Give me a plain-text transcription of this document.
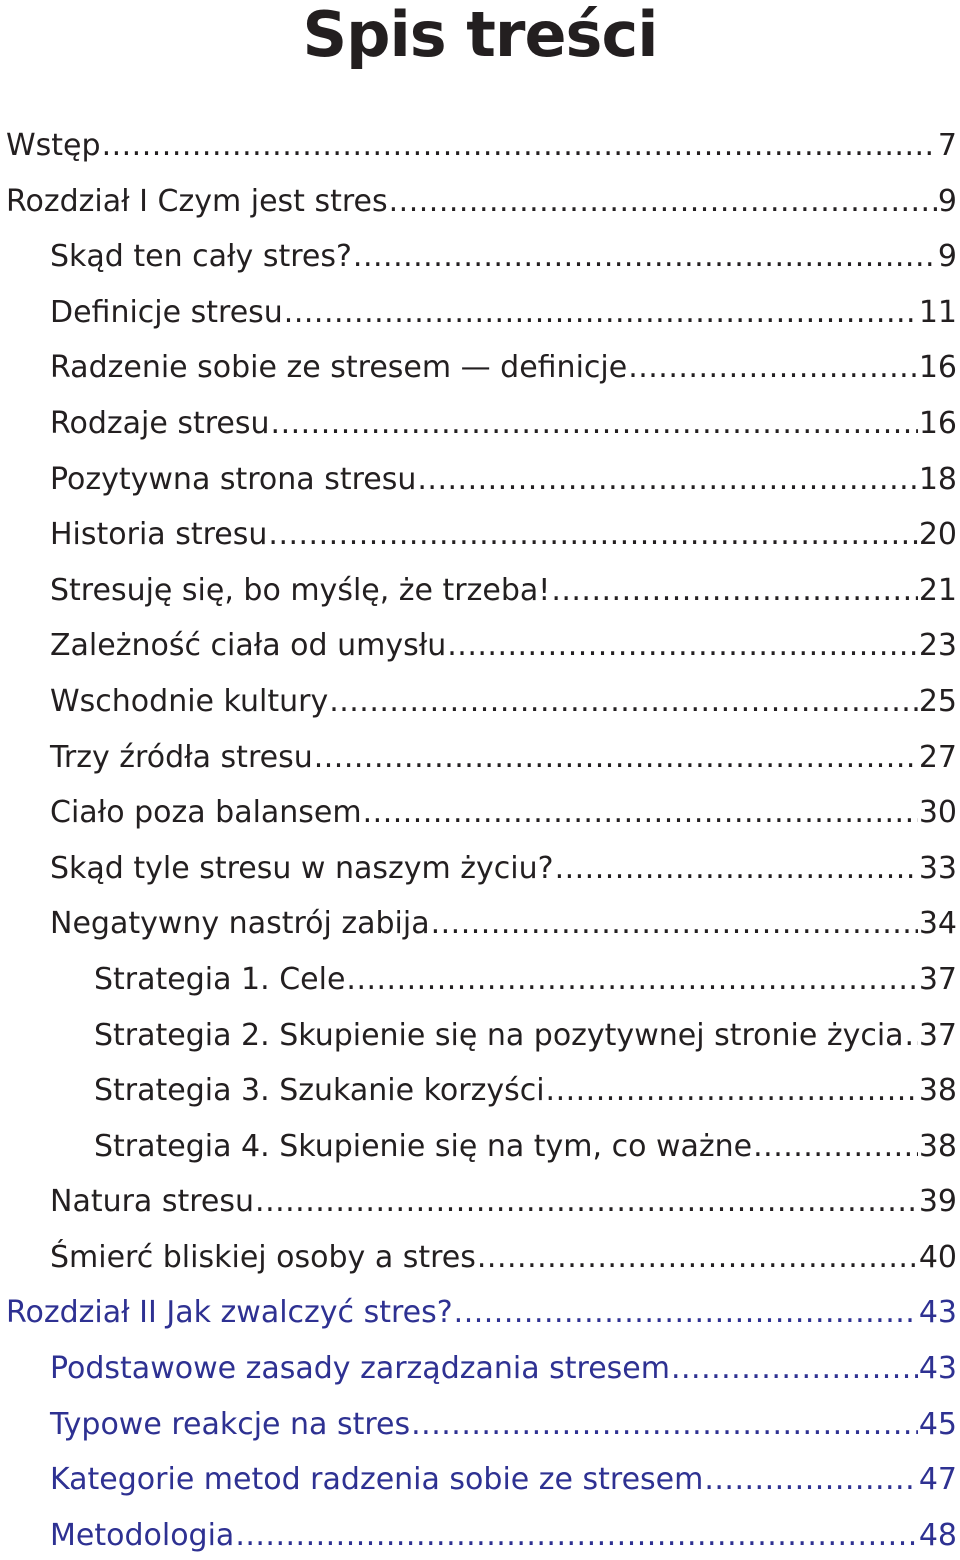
Spis treści
Wstęp .....	7
Rozdział I Czym jest stres .....	9
Skąd ten cały stres? .....	9
Definicje stresu .....	11
Radzenie sobie ze stresem — definicje .....	16
Rodzaje stresu .....	16
Pozytywna strona stresu .....	18
Historia stresu .....	20
Stresuję się, bo myślę, że trzeba! .....	21
Zależność ciała od umysłu .....	23
Wschodnie kultury .....	25
Trzy źródła stresu .....	27
Ciało poza balansem .....	30
Skąd tyle stresu w naszym życiu? .....	33
Negatywny nastrój zabija .....	34
Strategia 1. Cele .....	37
Strategia 2. Skupienie się na pozytywnej stronie życia ..... 37
Strategia 3. Szukanie korzyści .....	38
Strategia 4. Skupienie się na tym, co ważne .....	38
Natura stresu .....	39
Śmierć bliskiej osoby a stres .....	40
Rozdział II Jak zwalczyć stres? .....	43
Podstawowe zasady zarządzania stresem .....	43
Typowe reakcje na stres .....	45
Kategorie metod radzenia sobie ze stresem .....	47
Metodologia .....	48
